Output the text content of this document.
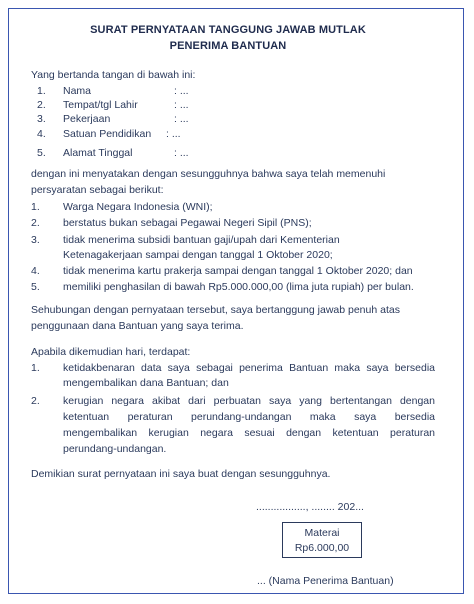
SURAT PERNYATAAN TANGGUNG JAWAB MUTLAK
PENERIMA BANTUAN
Yang bertanda tangan di bawah ini:
1. Nama	: ...
2. Tempat/tgl Lahir	: ...
3. Pekerjaan	: ...
4. Satuan Pendidikan : ...
5. Alamat Tinggal	: ...
dengan ini menyatakan dengan sesungguhnya bahwa saya telah memenuhi
persyaratan sebagai berikut:
1. Warga Negara Indonesia (WNI);
2. berstatus bukan sebagai Pegawai Negeri Sipil (PNS);
3. tidak menerima subsidi bantuan gaji/upah dari Kementerian
Ketenagakerjaan sampai dengan tanggal 1 Oktober 2020;
4. tidak menerima kartu prakerja sampai dengan tanggal 1 Oktober 2020; dan
5. memiliki penghasilan di bawah Rp5.000.000,00 (lima juta rupiah) per bulan.
Sehubungan dengan pernyataan tersebut, saya bertanggung jawab penuh atas
penggunaan dana Bantuan yang saya terima.
Apabila dikemudian hari, terdapat:
1. ketidakbenaran data saya sebagai penerima Bantuan maka saya bersedia
mengembalikan dana Bantuan; dan
2. kerugian negara akibat dari perbuatan saya yang bertentangan dengan
ketentuan peraturan perundang-undangan maka saya bersedia
mengembalikan kerugian negara sesuai dengan ketentuan peraturan
perundang-undangan.
Demikian surat pernyataan ini saya buat dengan sesungguhnya.
................., ........ 202...
Materai
Rp6.000,00
... (Nama Penerima Bantuan)
